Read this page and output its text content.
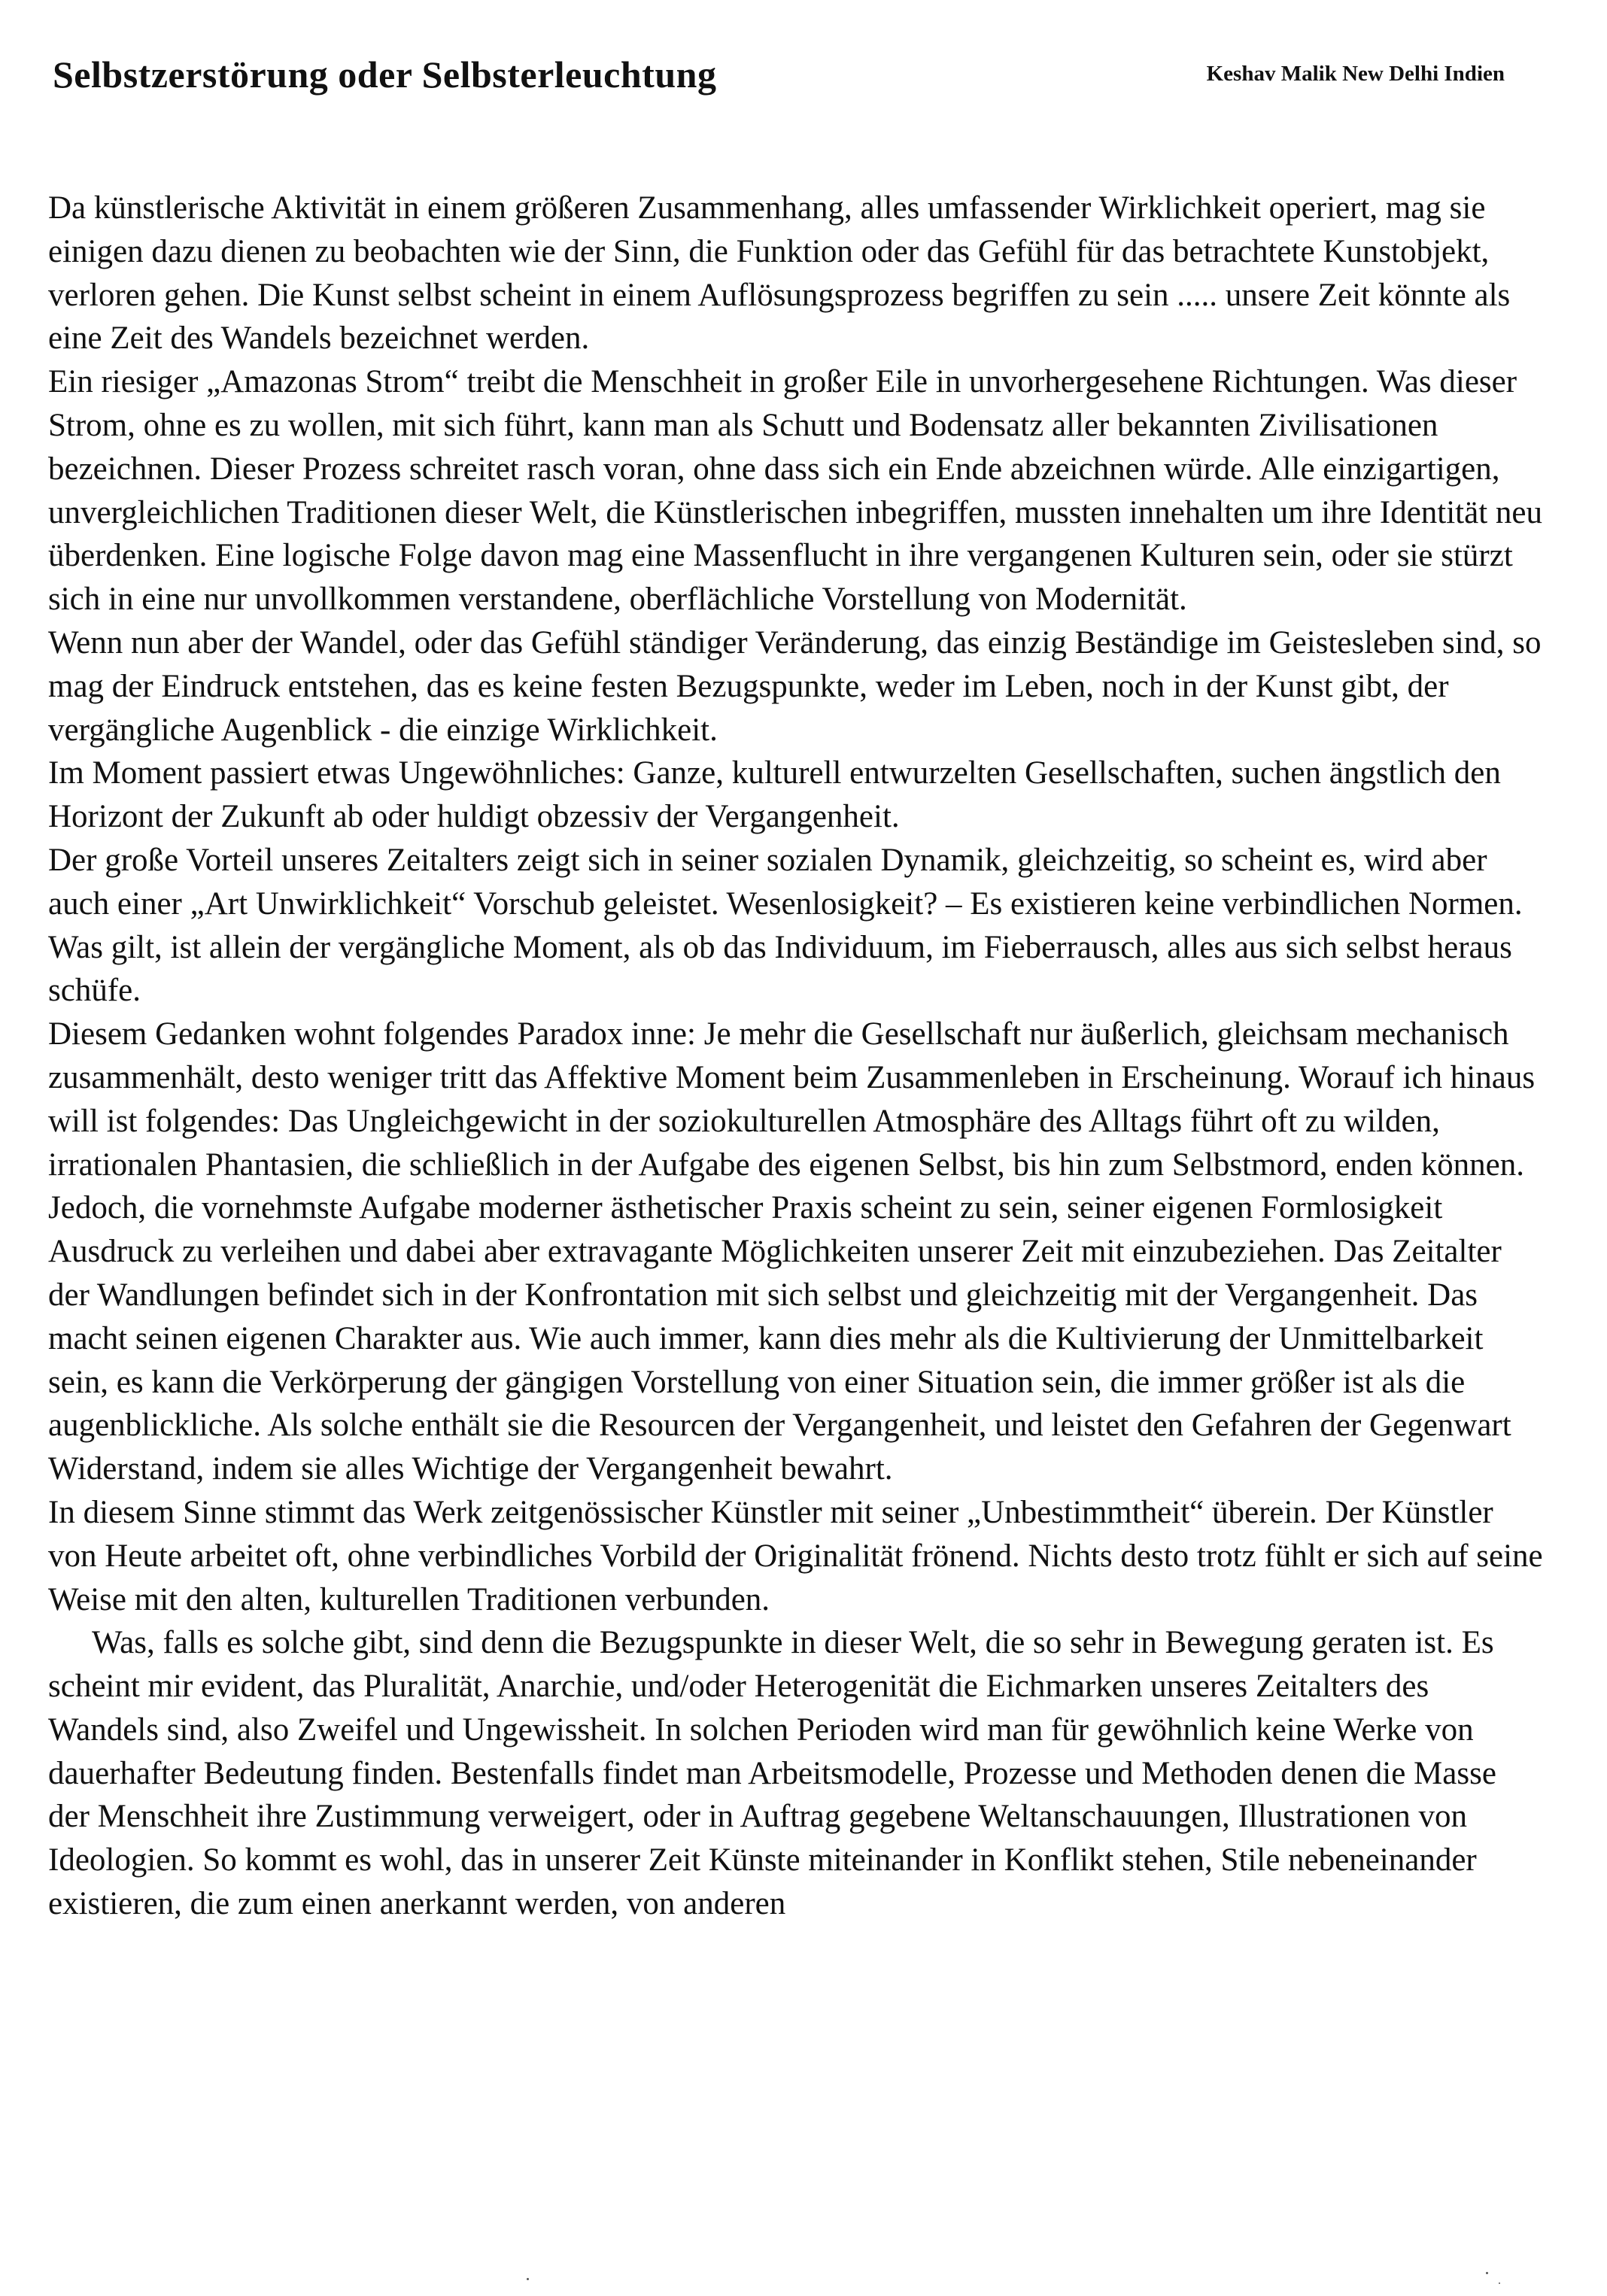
Selbstzerstörung oder Selbsterleuchtung	Keshav Malik New Delhi Indien

Da künstlerische Aktivität in einem größeren Zusammenhang, alles umfassender Wirklichkeit operiert, mag sie einigen dazu dienen zu beobachten wie der Sinn, die Funktion oder das Gefühl für das betrachtete Kunstobjekt, verloren gehen. Die Kunst selbst scheint in einem Auflösungsprozess begriffen zu sein ..... unsere Zeit könnte als eine Zeit des Wandels bezeichnet werden.

Ein riesiger „Amazonas Strom“ treibt die Menschheit in großer Eile in unvorhergesehene Richtungen. Was dieser Strom, ohne es zu wollen, mit sich führt, kann man als Schutt und Bodensatz aller bekannten Zivilisationen bezeichnen. Dieser Prozess schreitet rasch voran, ohne dass sich ein Ende abzeichnen würde. Alle einzigartigen, unvergleichlichen Traditionen dieser Welt, die Künstlerischen inbegriffen, mussten innehalten um ihre Identität neu überdenken. Eine logische Folge davon mag eine Massenflucht in ihre vergangenen Kulturen sein, oder sie stürzt sich in eine nur unvollkommen verstandene, oberflächliche Vorstellung von Modernität.

Wenn nun aber der Wandel, oder das Gefühl ständiger Veränderung, das einzig Beständige im Geistesleben sind, so mag der Eindruck entstehen, das es keine festen Bezugspunkte, weder im Leben, noch in der Kunst gibt, der vergängliche Augenblick - die einzige Wirklichkeit.

Im Moment passiert etwas Ungewöhnliches: Ganze, kulturell entwurzelten Gesellschaften, suchen ängstlich den Horizont der Zukunft ab oder huldigt obzessiv der Vergangenheit.

Der große Vorteil unseres Zeitalters zeigt sich in seiner sozialen Dynamik, gleichzeitig, so scheint es, wird aber auch einer „Art Unwirklichkeit“ Vorschub geleistet. Wesenlosigkeit? – Es existieren keine verbindlichen Normen. Was gilt, ist allein der vergängliche Moment, als ob das Individuum, im Fieberrausch, alles aus sich selbst heraus schüfe.

Diesem Gedanken wohnt folgendes Paradox inne: Je mehr die Gesellschaft nur äußerlich, gleichsam mechanisch zusammenhält, desto weniger tritt das Affektive Moment beim Zusammenleben in Erscheinung. Worauf ich hinaus will ist folgendes: Das Ungleichgewicht in der soziokulturellen Atmosphäre des Alltags führt oft zu wilden, irrationalen Phantasien, die schließlich in der Aufgabe des eigenen Selbst, bis hin zum Selbstmord, enden können.

Jedoch, die vornehmste Aufgabe moderner ästhetischer Praxis scheint zu sein, seiner eigenen Formlosigkeit Ausdruck zu verleihen und dabei aber extravagante Möglichkeiten unserer Zeit mit einzubeziehen. Das Zeitalter der Wandlungen befindet sich in der Konfrontation mit sich selbst und gleichzeitig mit der Vergangenheit. Das macht seinen eigenen Charakter aus. Wie auch immer, kann dies mehr als die Kultivierung der Unmittelbarkeit sein, es kann die Verkörperung der gängigen Vorstellung von einer Situation sein, die immer größer ist als die augenblickliche. Als solche enthält sie die Resourcen der Vergangenheit, und leistet den Gefahren der Gegenwart Widerstand, indem sie alles Wichtige der Vergangenheit bewahrt.

In diesem Sinne stimmt das Werk zeitgenössischer Künstler mit seiner „Unbestimmtheit“ überein. Der Künstler von Heute arbeitet oft, ohne verbindliches Vorbild der Originalität frönend. Nichts desto trotz fühlt er sich auf seine Weise mit den alten, kulturellen Traditionen verbunden.

Was, falls es solche gibt, sind denn die Bezugspunkte in dieser Welt, die so sehr in Bewegung geraten ist. Es scheint mir evident, das Pluralität, Anarchie, und/oder Heterogenität die Eichmarken unseres Zeitalters des Wandels sind, also Zweifel und Ungewissheit. In solchen Perioden wird man für gewöhnlich keine Werke von dauerhafter Bedeutung finden. Bestenfalls findet man Arbeitsmodelle, Prozesse und Methoden denen die Masse der Menschheit ihre Zustimmung verweigert, oder in Auftrag gegebene Weltanschauungen, Illustrationen von Ideologien. So kommt es wohl, das in unserer Zeit Künste miteinander in Konflikt stehen, Stile nebeneinander existieren, die zum einen anerkannt werden, von anderen
